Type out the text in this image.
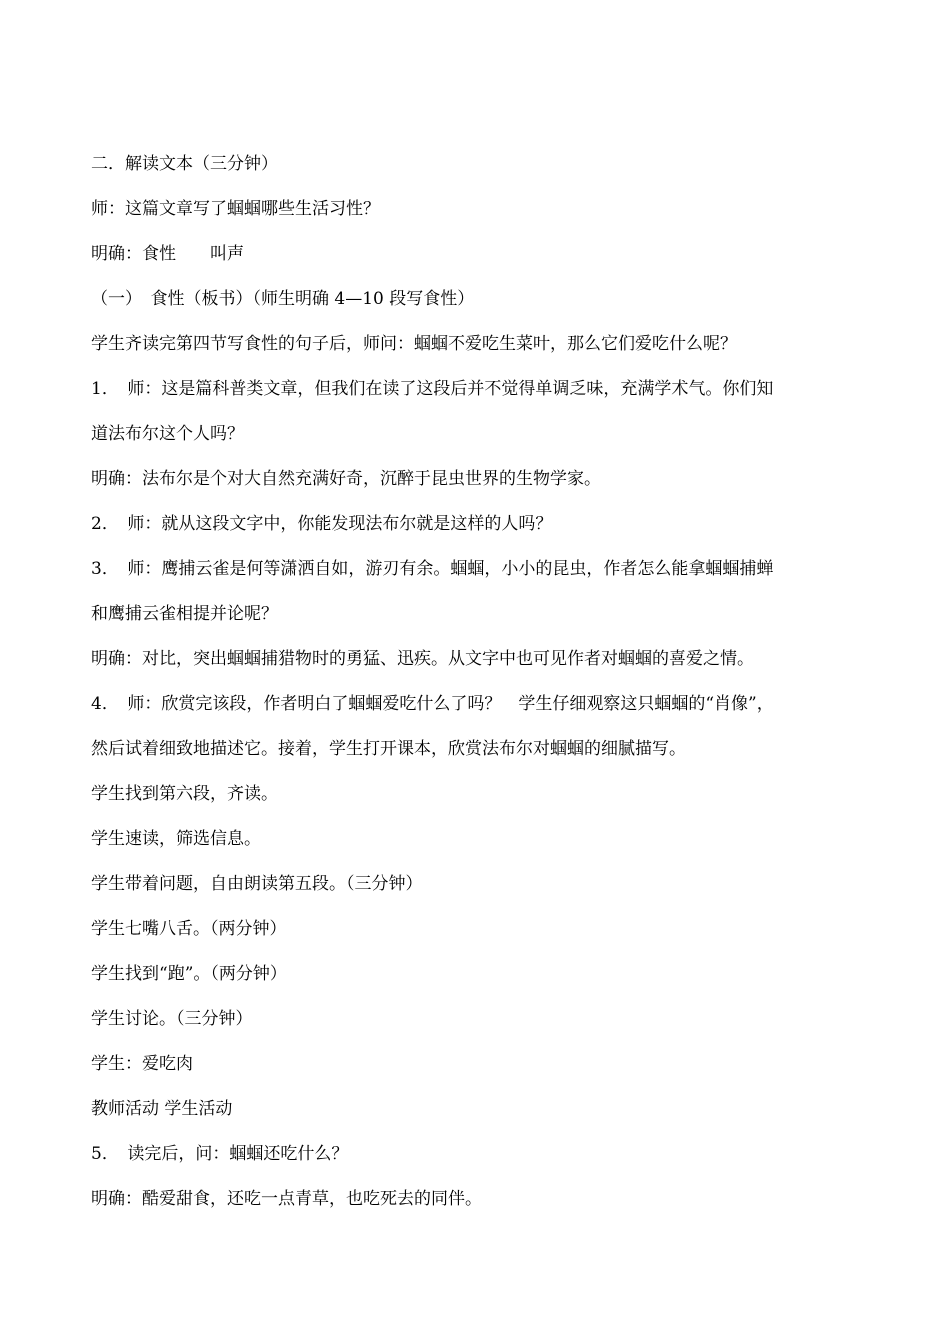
二．解读文本（三分钟）
师：这篇文章写了蝈蝈哪些生活习性？
明确：食性　　叫声
（一）　食性（板书）（师生明确 4—10 段写食性）
学生齐读完第四节写食性的句子后，师问：蝈蝈不爱吃生菜叶，那么它们爱吃什么呢？
1．　师：这是篇科普类文章，但我们在读了这段后并不觉得单调乏味，充满学术气。你们知
道法布尔这个人吗？
明确：法布尔是个对大自然充满好奇，沉醉于昆虫世界的生物学家。
2．　师：就从这段文字中，你能发现法布尔就是这样的人吗？
3．　师：鹰捕云雀是何等潇洒自如，游刃有余。蝈蝈，小小的昆虫，作者怎么能拿蝈蝈捕蝉
和鹰捕云雀相提并论呢？
明确：对比，突出蝈蝈捕猎物时的勇猛、迅疾。从文字中也可见作者对蝈蝈的喜爱之情。
4．　师：欣赏完该段，作者明白了蝈蝈爱吃什么了吗？　学生仔细观察这只蝈蝈的“肖像”，
然后试着细致地描述它。接着，学生打开课本，欣赏法布尔对蝈蝈的细腻描写。
学生找到第六段，齐读。
学生速读，筛选信息。
学生带着问题，自由朗读第五段。（三分钟）
学生七嘴八舌。（两分钟）
学生找到“跑”。（两分钟）
学生讨论。（三分钟）
学生：爱吃肉
教师活动 学生活动
5．　读完后，问：蝈蝈还吃什么？
明确：酷爱甜食，还吃一点青草，也吃死去的同伴。
